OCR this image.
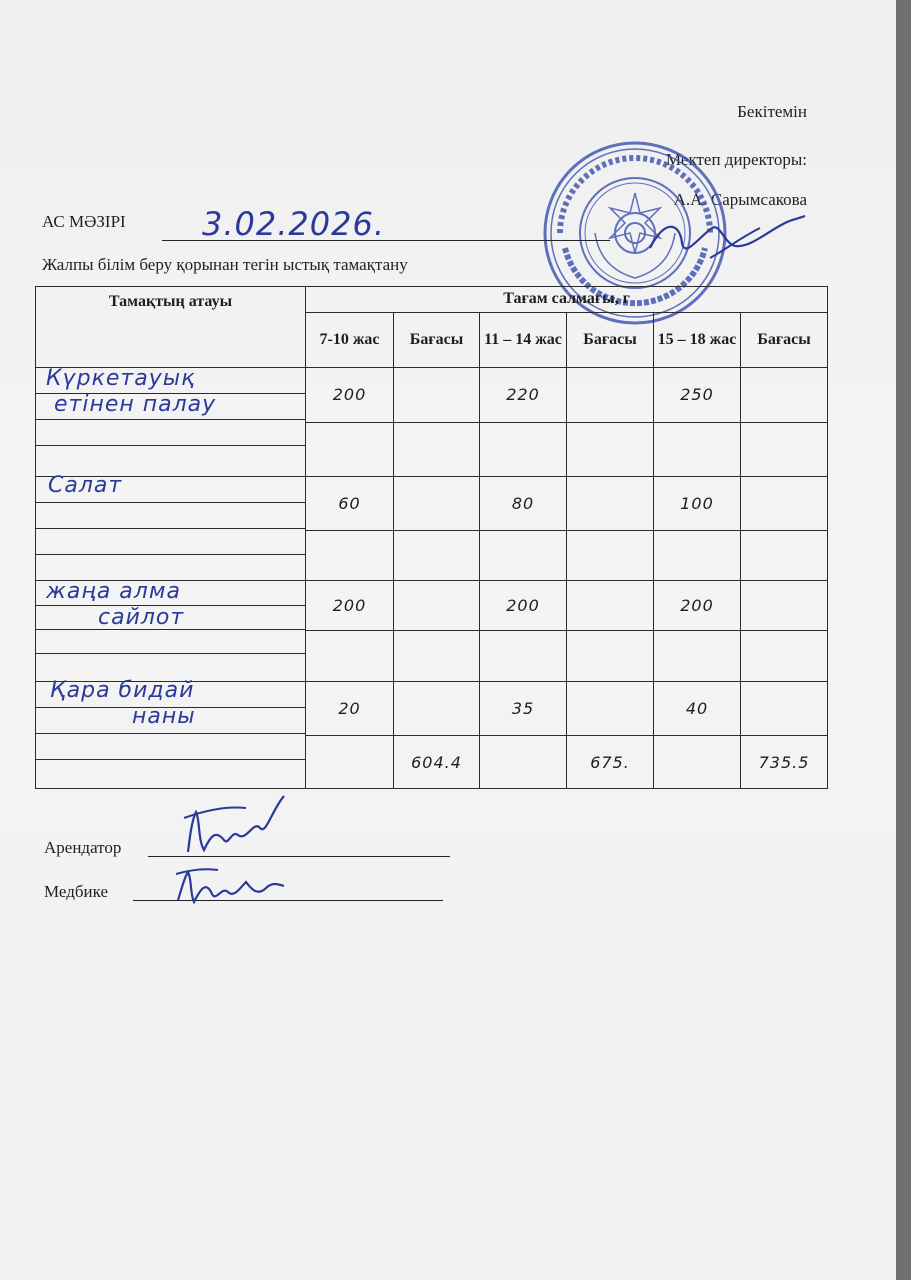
Бекітемін
Мектеп директоры:
А.А. Сарымсакова
АС МӘЗІРІ 3.02.2026.
Жалпы білім беру қорынан тегін ыстық тамақтану
Тамақтың атауы	Тағам салмағы, г					
	7-10 жас	Бағасы	11 – 14 жас	Бағасы	15 – 18 жас	Бағасы

Күркетауық
етінен палау	200		220		250	

Салат	60		80		100	

жаңа алма
сайлот	200		200		200	

Қара бидай
наны	20		35		40	
		604.4		675.		735.5
Арендатор
Медбике
